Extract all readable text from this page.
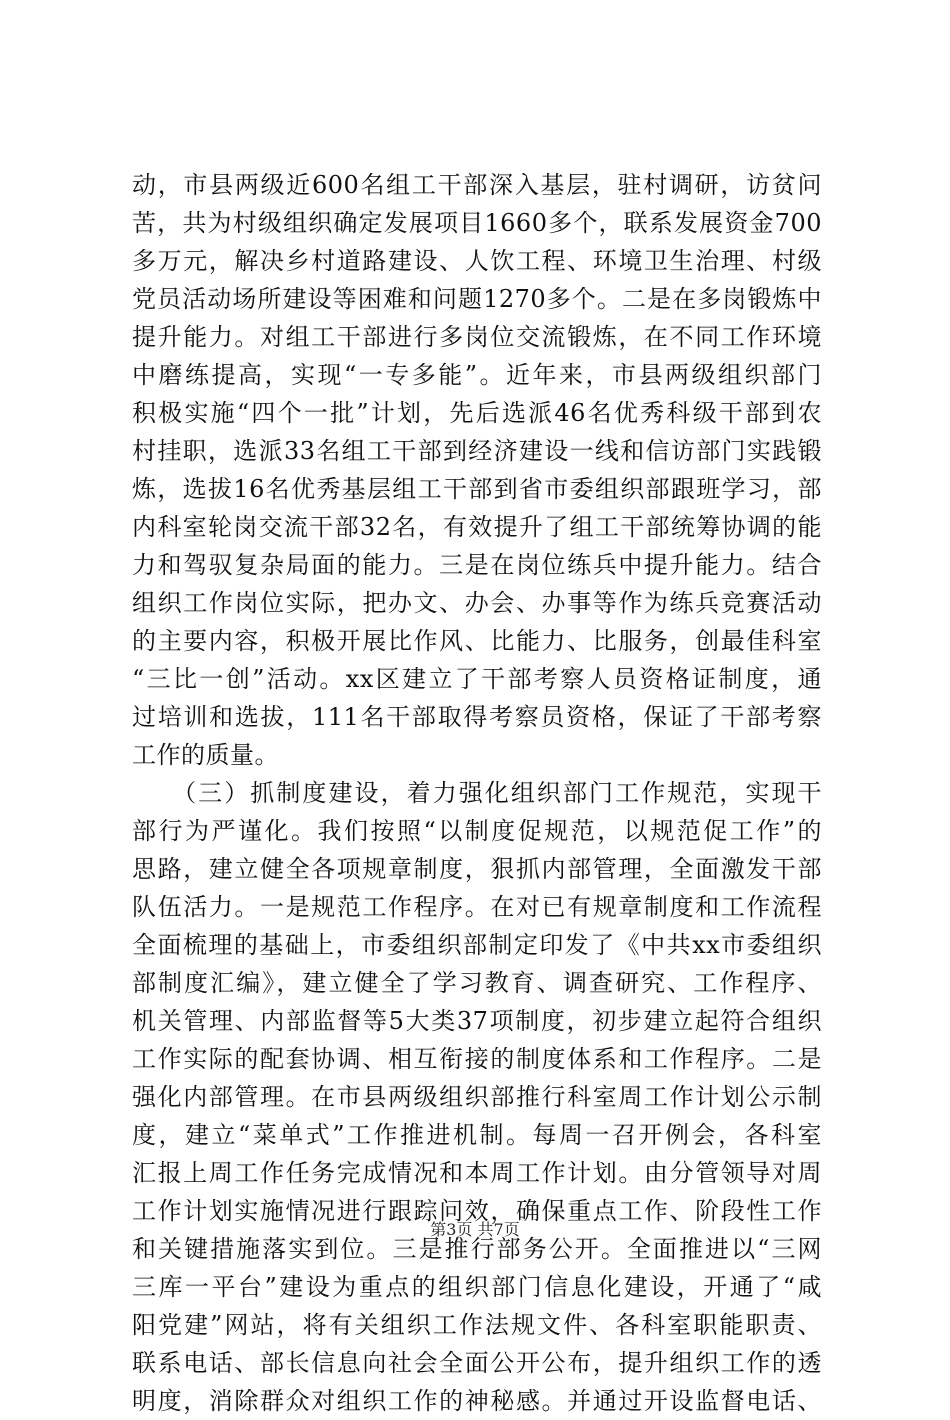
动，市县两级近600名组工干部深入基层，驻村调研，访贫问
苦，共为村级组织确定发展项目1660多个，联系发展资金700
多万元，解决乡村道路建设、人饮工程、环境卫生治理、村级
党员活动场所建设等困难和问题1270多个。二是在多岗锻炼中
提升能力。对组工干部进行多岗位交流锻炼，在不同工作环境
中磨练提高，实现“一专多能”。近年来，市县两级组织部门
积极实施“四个一批”计划，先后选派46名优秀科级干部到农
村挂职，选派33名组工干部到经济建设一线和信访部门实践锻
炼，选拔16名优秀基层组工干部到省市委组织部跟班学习，部
内科室轮岗交流干部32名，有效提升了组工干部统筹协调的能
力和驾驭复杂局面的能力。三是在岗位练兵中提升能力。结合
组织工作岗位实际，把办文、办会、办事等作为练兵竞赛活动
的主要内容，积极开展比作风、比能力、比服务，创最佳科室
“三比一创”活动。xx区建立了干部考察人员资格证制度，通
过培训和选拔，111名干部取得考察员资格，保证了干部考察
工作的质量。
　　（三）抓制度建设，着力强化组织部门工作规范，实现干
部行为严谨化。我们按照“以制度促规范，以规范促工作”的
思路，建立健全各项规章制度，狠抓内部管理，全面激发干部
队伍活力。一是规范工作程序。在对已有规章制度和工作流程
全面梳理的基础上，市委组织部制定印发了《中共xx市委组织
部制度汇编》，建立健全了学习教育、调查研究、工作程序、
机关管理、内部监督等5大类37项制度，初步建立起符合组织
工作实际的配套协调、相互衔接的制度体系和工作程序。二是
强化内部管理。在市县两级组织部推行科室周工作计划公示制
度，建立“菜单式”工作推进机制。每周一召开例会，各科室
汇报上周工作任务完成情况和本周工作计划。由分管领导对周
工作计划实施情况进行跟踪问效，确保重点工作、阶段性工作
和关键措施落实到位。三是推行部务公开。全面推进以“三网
三库一平台”建设为重点的组织部门信息化建设，开通了“咸
阳党建”网站，将有关组织工作法规文件、各科室职能职责、
联系电话、部长信息向社会全面公开公布，提升组织工作的透
明度，消除群众对组织工作的神秘感。并通过开设监督电话、
第3页 共7页
